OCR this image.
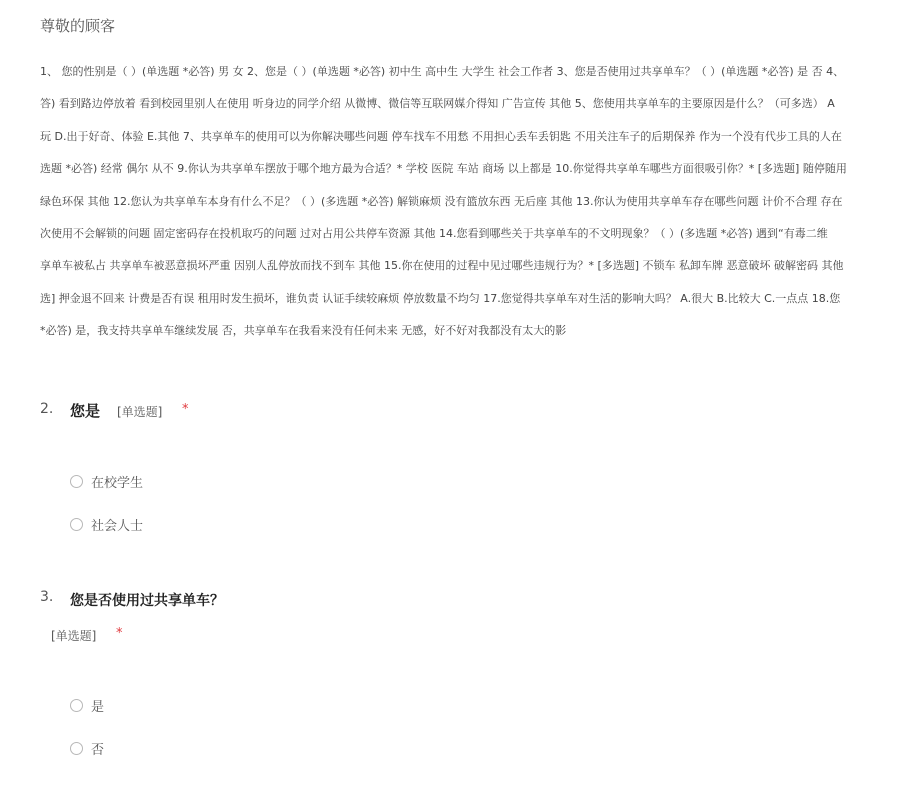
尊敬的顾客
1、 您的性别是（ ）(单选题 *必答) 男 女 2、您是（ ）(单选题 *必答) 初中生 高中生 大学生 社会工作者 3、您是否使用过共享单车？（ ）(单选题 *必答) 是 否 4、
答) 看到路边停放着 看到校园里别人在使用 听身边的同学介绍 从微博、微信等互联网媒介得知 广告宣传 其他 5、您使用共享单车的主要原因是什么？（可多选） A
玩 D.出于好奇、体验 E.其他 7、共享单车的使用可以为你解决哪些问题 停车找车不用愁 不用担心丢车丢钥匙 不用关注车子的后期保养 作为一个没有代步工具的人在
选题 *必答) 经常 偶尔 从不 9.你认为共享单车摆放于哪个地方最为合适？* 学校 医院 车站 商场 以上都是 10.你觉得共享单车哪些方面很吸引你？* [多选题] 随停随用
绿色环保 其他 12.您认为共享单车本身有什么不足？（ ）(多选题 *必答) 解锁麻烦 没有篮放东西 无后座 其他 13.你认为使用共享单车存在哪些问题 计价不合理 存在
次使用不会解锁的问题 固定密码存在投机取巧的问题 过对占用公共停车资源 其他 14.您看到哪些关于共享单车的不文明现象？（ ）(多选题 *必答) 遇到“有毒二维
享单车被私占 共享单车被恶意损坏严重 因别人乱停放而找不到车 其他 15.你在使用的过程中见过哪些违规行为？* [多选题] 不锁车 私卸车牌 恶意破坏 破解密码 其他
选] 押金退不回来 计费是否有误 租用时发生损坏，谁负责 认证手续较麻烦 停放数量不均匀 17.您觉得共享单车对生活的影响大吗？ A.很大 B.比较大 C.一点点 18.您
*必答) 是，我支持共享单车继续发展 否，共享单车在我看来没有任何未来 无感，好不好对我都没有太大的影
2. 您是 [单选题] *
在校学生
社会人士
3. 您是否使用过共享单车？
[单选题] *
是
否
